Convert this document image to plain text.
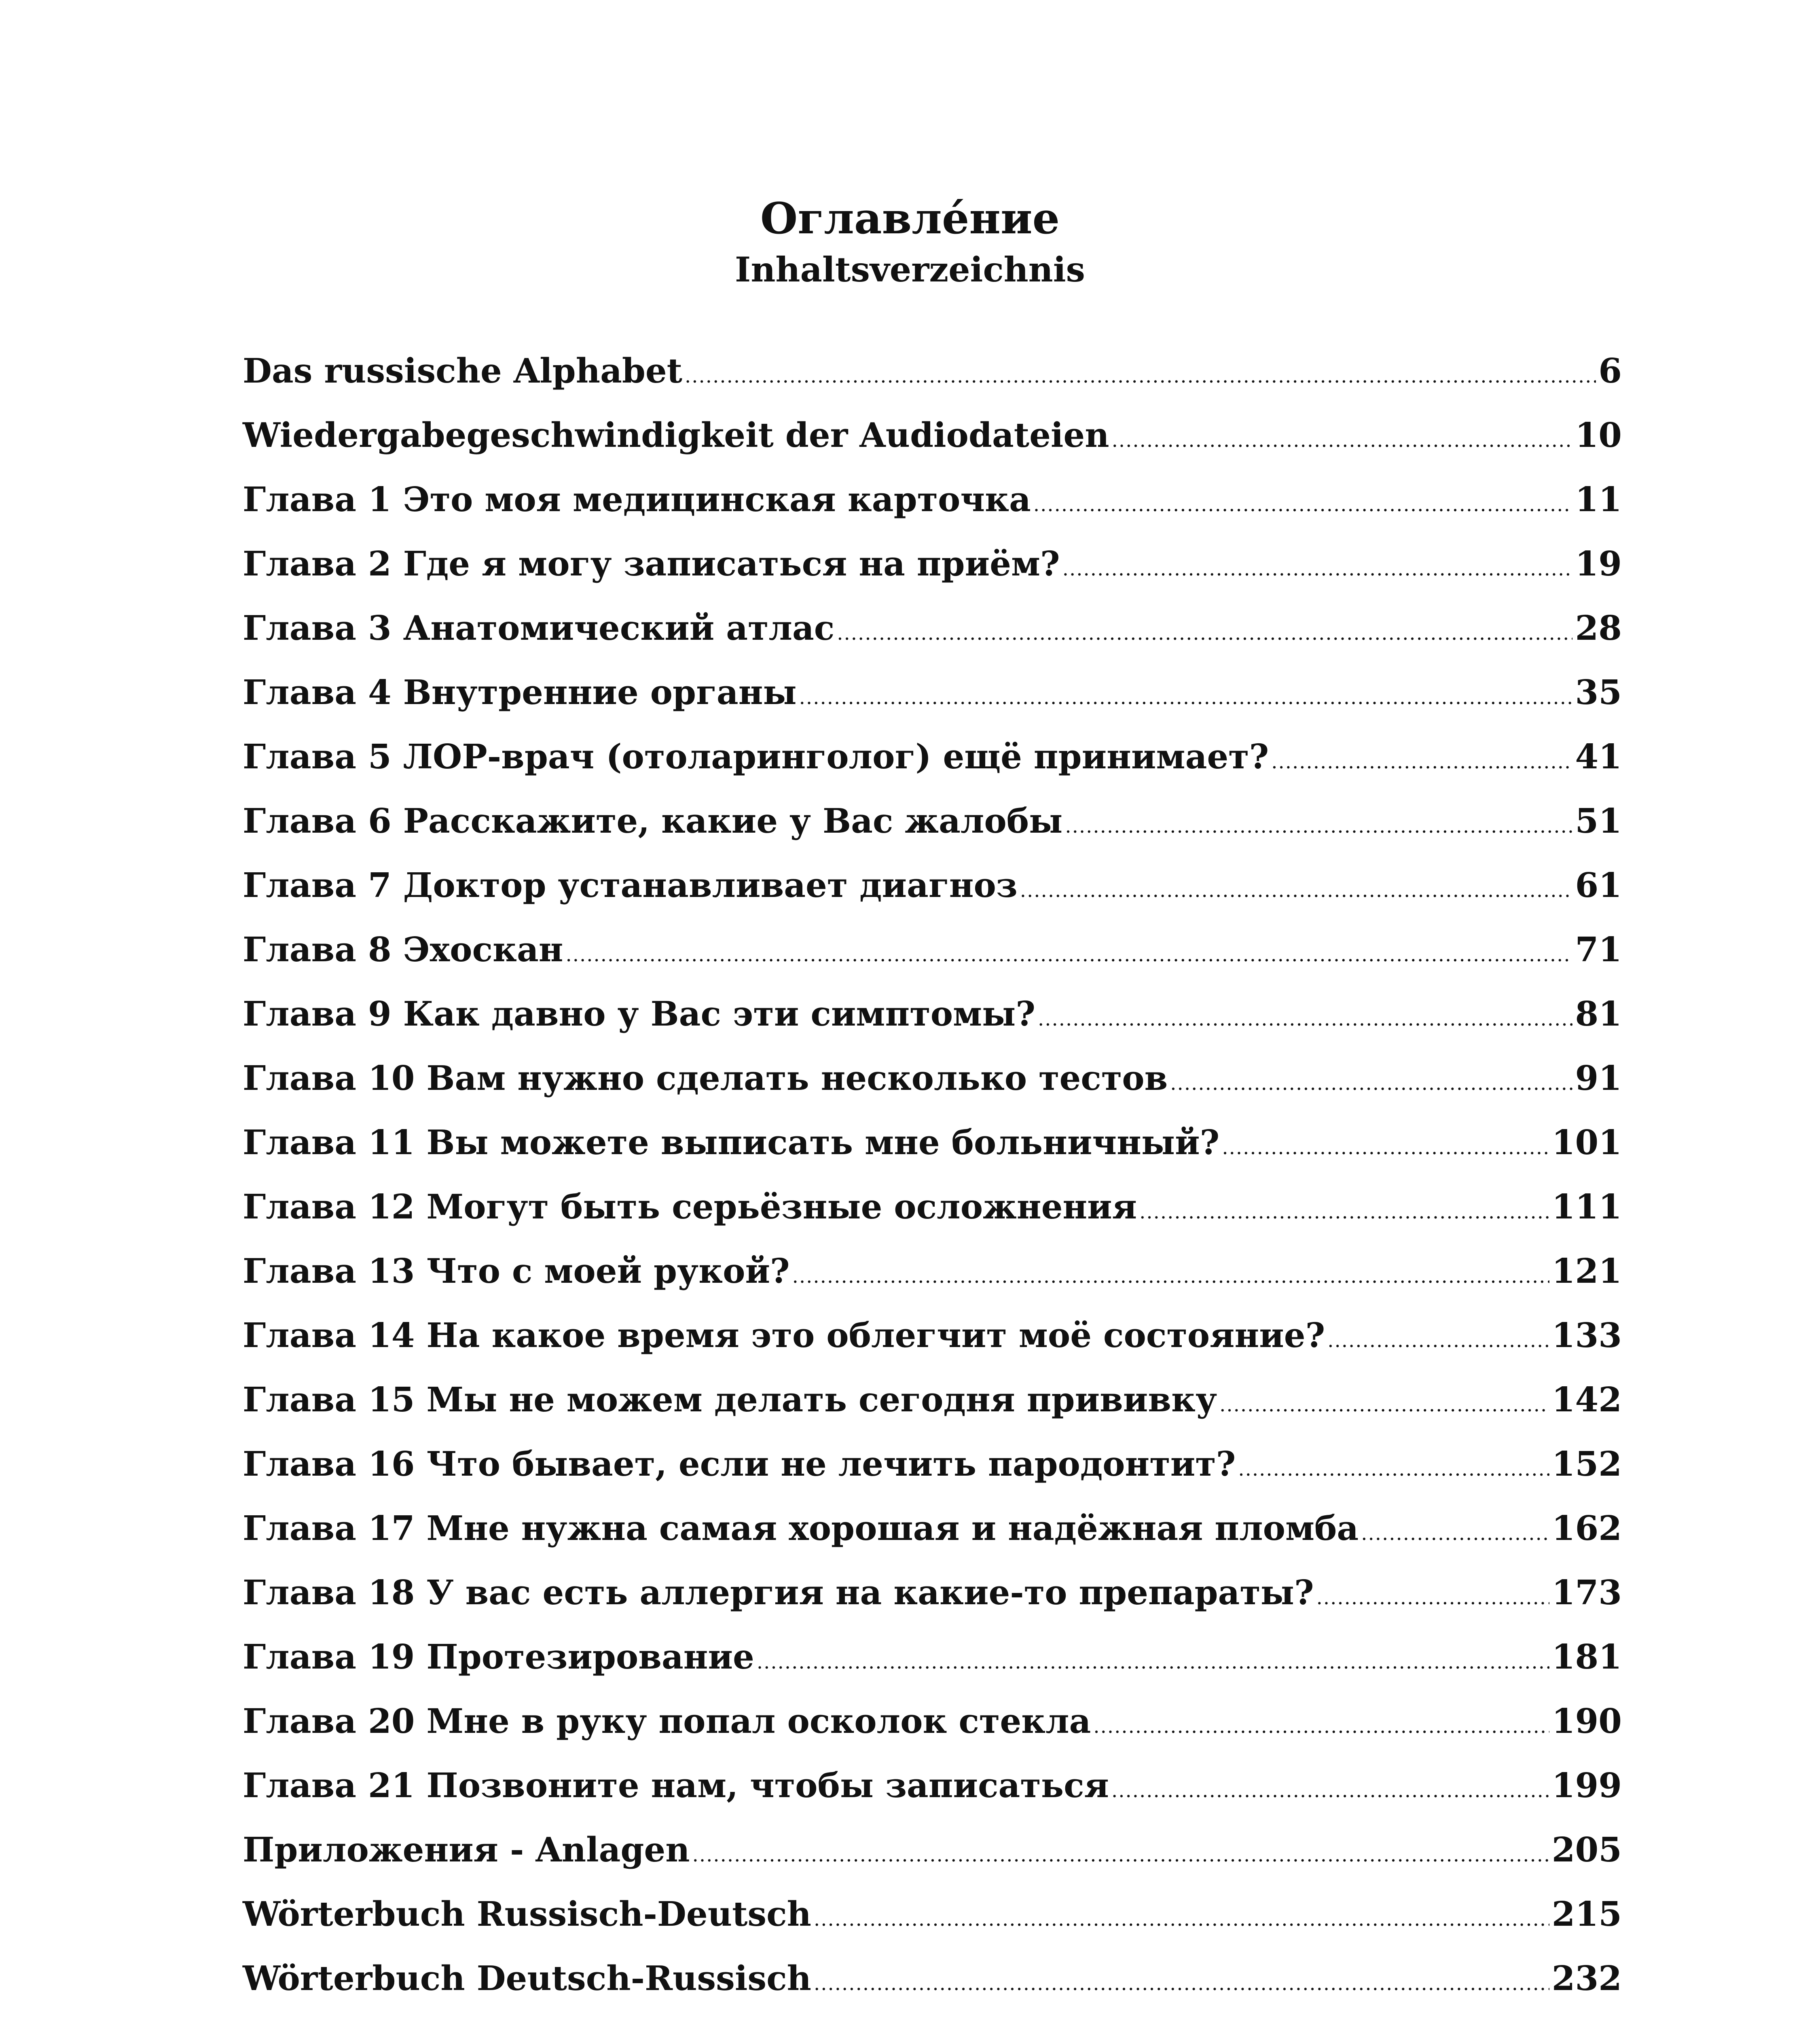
Оглавле́ние
Inhaltsverzeichnis
Das russische Alphabet .....	6
Wiedergabegeschwindigkeit der Audiodateien .....	10
Глава 1 Это моя медицинская карточка .....	11
Глава 2 Где я могу записаться на приём? .....	19
Глава 3 Анатомический атлас .....	28
Глава 4 Внутренние органы .....	35
Глава 5 ЛОР-врач (отоларинголог) ещё принимает? .....	41
Глава 6 Расскажите, какие у Вас жалобы .....	51
Глава 7 Доктор устанавливает диагноз .....	61
Глава 8 Эхоскан .....	71
Глава 9 Как давно у Вас эти симптомы? .....	81
Глава 10 Вам нужно сделать несколько тестов .....	91
Глава 11 Вы можете выписать мне больничный? .....	101
Глава 12 Могут быть серьёзные осложнения .....	111
Глава 13 Что с моей рукой? .....	121
Глава 14 На какое время это облегчит моё состояние? .....	133
Глава 15 Мы не можем делать сегодня прививку .....	142
Глава 16 Что бывает, если не лечить пародонтит? .....	152
Глава 17 Мне нужна самая хорошая и надёжная пломба .....	162
Глава 18 У вас есть аллергия на какие-то препараты? .....	173
Глава 19 Протезирование .....	181
Глава 20 Мне в руку попал осколок стекла .....	190
Глава 21 Позвоните нам, чтобы записаться .....	199
Приложения - Anlagen .....	205
Wörterbuch Russisch-Deutsch .....	215
Wörterbuch Deutsch-Russisch .....	232
.....
